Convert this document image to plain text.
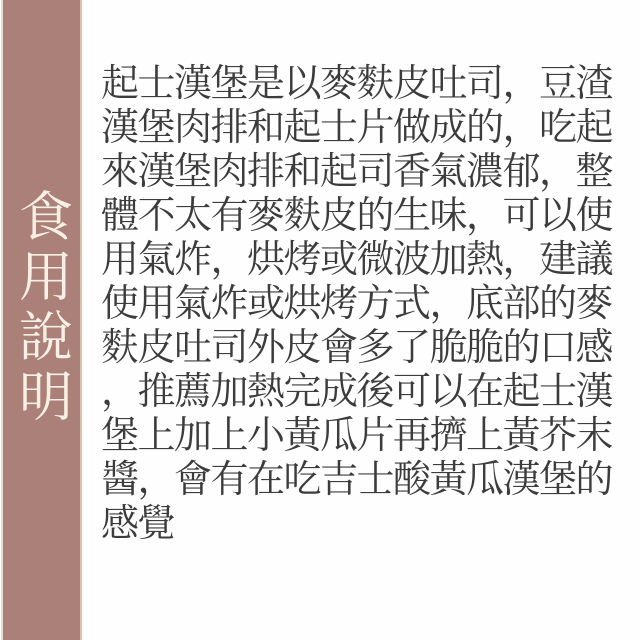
食用說明
起士漢堡是以麥麩皮吐司，豆渣
漢堡肉排和起士片做成的，吃起
來漢堡肉排和起司香氣濃郁，整
體不太有麥麩皮的生味，可以使
用氣炸，烘烤或微波加熱，建議
使用氣炸或烘烤方式，底部的麥
麩皮吐司外皮會多了脆脆的口感
，推薦加熱完成後可以在起士漢
堡上加上小黃瓜片再擠上黃芥末
醬，會有在吃吉士酸黃瓜漢堡的
感覺
